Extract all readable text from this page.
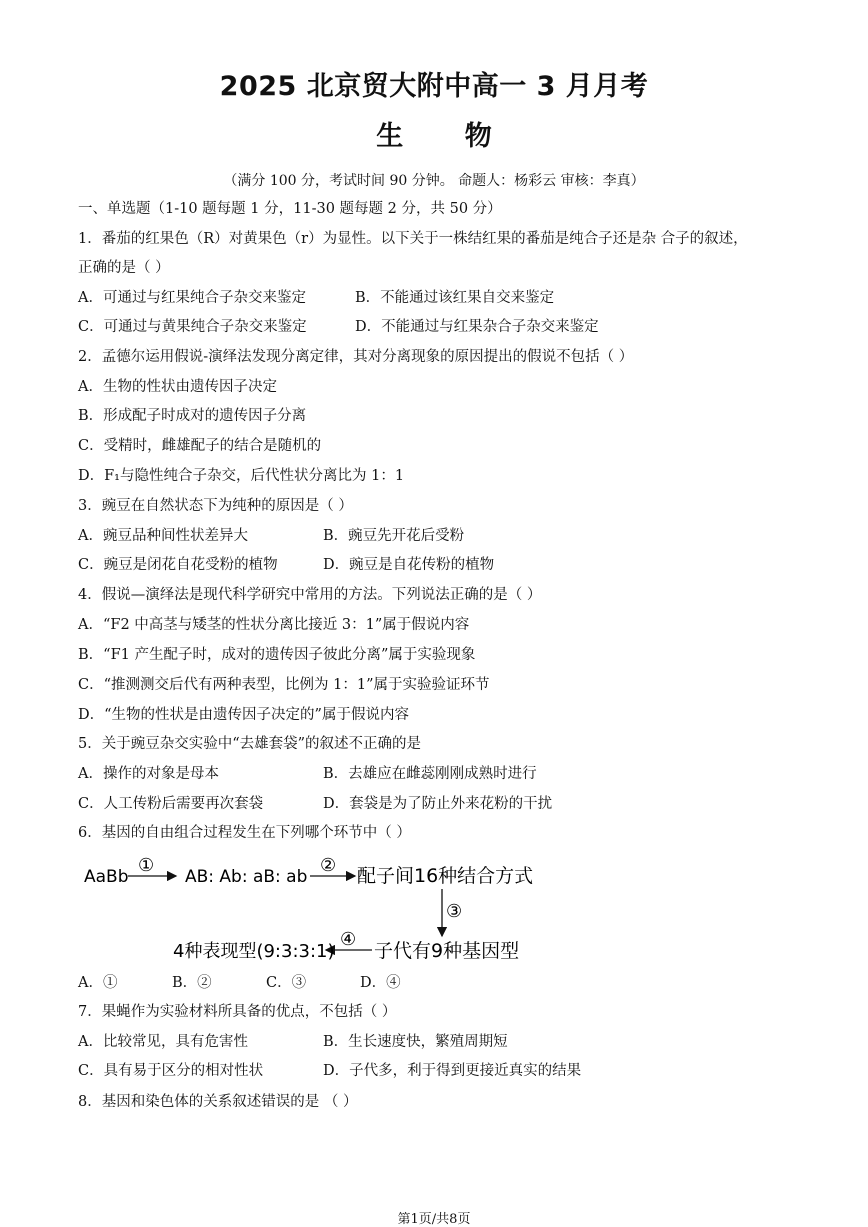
2025 北京贸大附中高一 3 月月考
生 物
（满分 100 分，考试时间 90 分钟。 命题人：杨彩云 审核：李真）
一、单选题（1-10 题每题 1 分，11-30 题每题 2 分，共 50 分）
1．番茄的红果色（R）对黄果色（r）为显性。以下关于一株结红果的番茄是纯合子还是杂 合子的叙述，
正确的是（ ）
A．可通过与红果纯合子杂交来鉴定	B．不能通过该红果自交来鉴定
C．可通过与黄果纯合子杂交来鉴定	D．不能通过与红果杂合子杂交来鉴定
2．孟德尔运用假说-演绎法发现分离定律，其对分离现象的原因提出的假说不包括（ ）
A．生物的性状由遗传因子决定
B．形成配子时成对的遗传因子分离
C．受精时，雌雄配子的结合是随机的
D．F₁与隐性纯合子杂交，后代性状分离比为 1：1
3．豌豆在自然状态下为纯种的原因是（ ）
A．豌豆品种间性状差异大	B．豌豆先开花后受粉
C．豌豆是闭花自花受粉的植物	D．豌豆是自花传粉的植物
4．假说—演绎法是现代科学研究中常用的方法。下列说法正确的是（ ）
A．“F2 中高茎与矮茎的性状分离比接近 3：1”属于假说内容
B．“F1 产生配子时，成对的遗传因子彼此分离”属于实验现象
C．“推测测交后代有两种表型，比例为 1：1”属于实验验证环节
D．“生物的性状是由遗传因子决定的”属于假说内容
5．关于豌豆杂交实验中“去雄套袋”的叙述不正确的是
A．操作的对象是母本	B．去雄应在雌蕊刚刚成熟时进行
C．人工传粉后需要再次套袋	D．套袋是为了防止外来花粉的干扰
6．基因的自由组合过程发生在下列哪个环节中（ ）
AaBb
①
AB: Ab: aB: ab
② 配子间16种结合方式
③
子代有9种基因型
④
4种表现型(9:3:3:1)
A．①	B．②	C．③	D．④
7．果蝇作为实验材料所具备的优点，不包括（ ）
A．比较常见，具有危害性	B．生长速度快，繁殖周期短
C．具有易于区分的相对性状	D．子代多，利于得到更接近真实的结果
8．基因和染色体的关系叙述错误的是 （ ）
第1页/共8页
